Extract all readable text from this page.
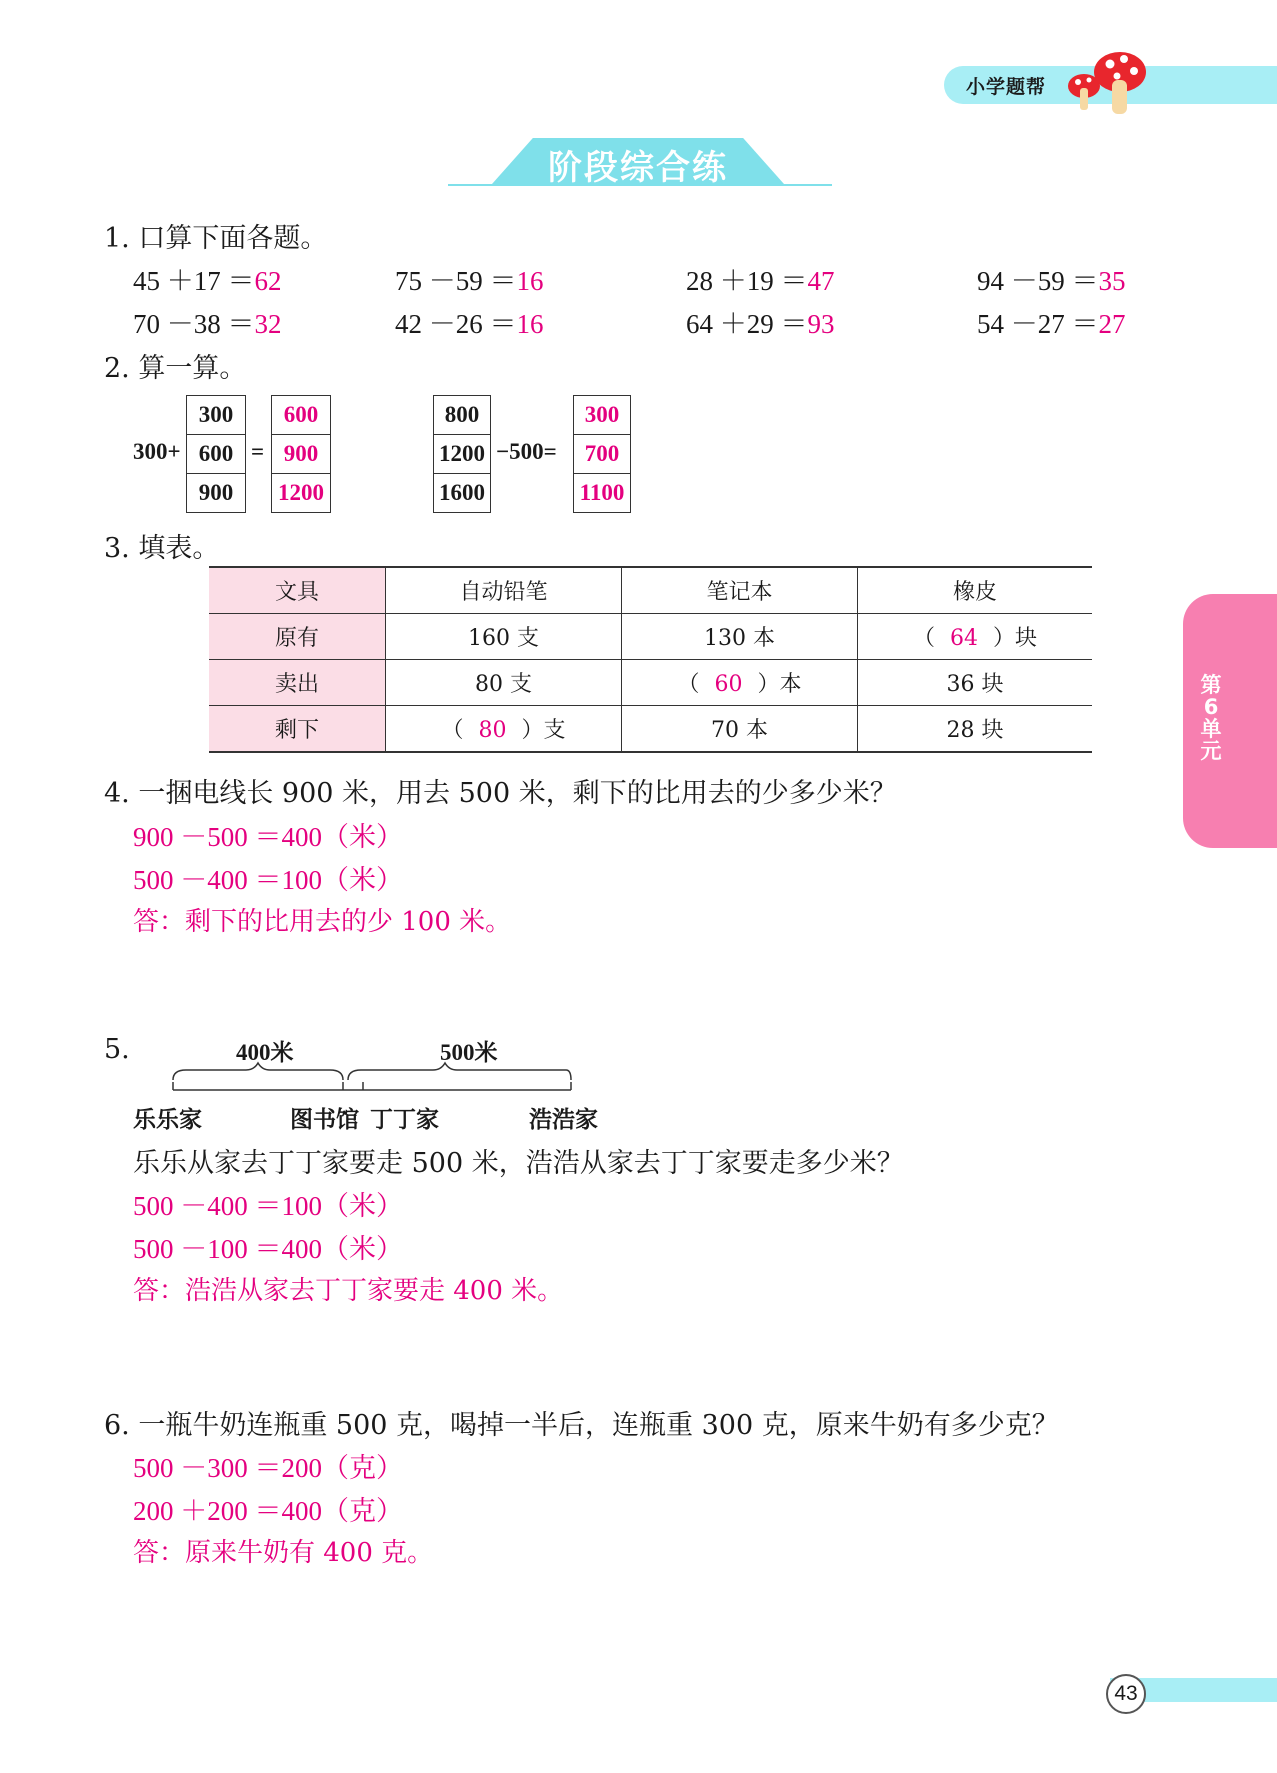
小学题帮
阶段综合练
1. 口算下面各题。
45 ＋17 ＝62	75 －59 ＝16	28 ＋19 ＝47	94 －59 ＝35
70 －38 ＝32	42 －26 ＝16	64 ＋29 ＝93	54 －27 ＝27
2. 算一算。
300+
300
600
900
=
600
900
1200
800
1200
1600
−500=
300
700
1100
3. 填表。
文具	自动铅笔	笔记本	橡皮
原有	160 支	130 本	（ 64 ）块
卖出	80 支	（ 60 ）本	36 块
剩下	（ 80 ）支	70 本	28 块
第6单元
4. 一捆电线长 900 米，用去 500 米，剩下的比用去的少多少米？
900 －500 ＝400（米）
500 －400 ＝100（米）
答：剩下的比用去的少 100 米。
5.	400米	500米
乐乐家	图书馆 丁丁家	浩浩家
乐乐从家去丁丁家要走 500 米，浩浩从家去丁丁家要走多少米？
500 －400 ＝100（米）
500 －100 ＝400（米）
答：浩浩从家去丁丁家要走 400 米。
6. 一瓶牛奶连瓶重 500 克，喝掉一半后，连瓶重 300 克，原来牛奶有多少克？
500 －300 ＝200（克）
200 ＋200 ＝400（克）
答：原来牛奶有 400 克。
43
